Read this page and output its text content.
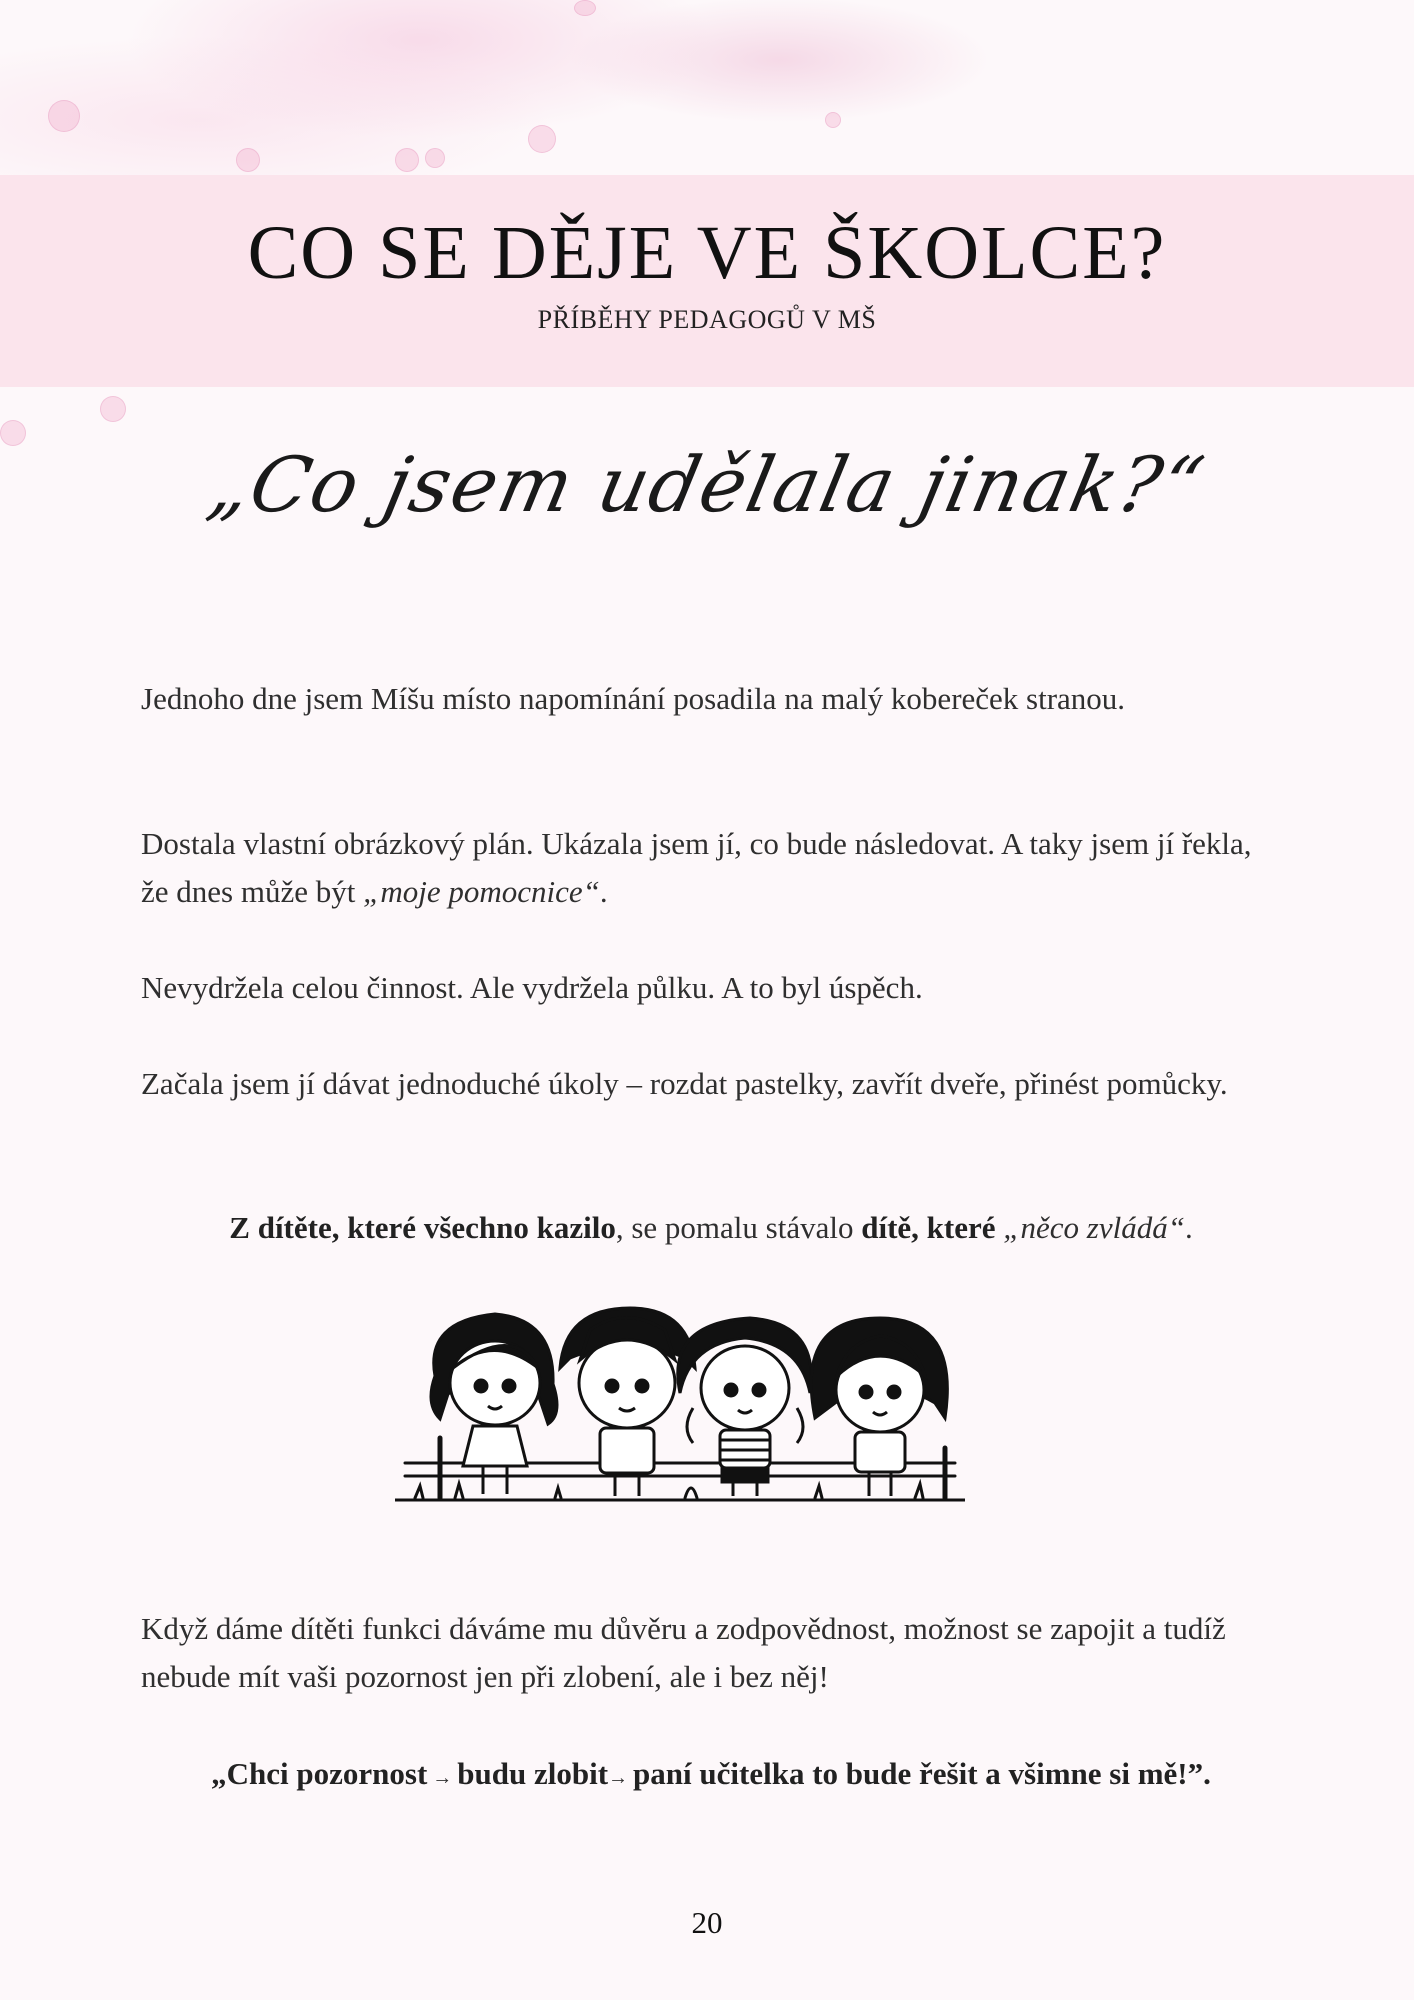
CO SE DĚJE VE ŠKOLCE?
PŘÍBĚHY PEDAGOGŮ V MŠ
„Co jsem udělala jinak?“
Jednoho dne jsem Míšu místo napomínání posadila na malý kobereček stranou.
Dostala vlastní obrázkový plán. Ukázala jsem jí, co bude následovat. A taky jsem jí řekla, že dnes může být „moje pomocnice“.
Nevydržela celou činnost. Ale vydržela půlku. A to byl úspěch.
Začala jsem jí dávat jednoduché úkoly – rozdat pastelky, zavřít dveře, přinést pomůcky.
Z dítěte, které všechno kazilo, se pomalu stávalo dítě, které „něco zvládá“.
Když dáme dítěti funkci dáváme mu důvěru a zodpovědnost, možnost se zapojit a tudíž nebude mít vaši pozornost jen při zlobení, ale i bez něj!
„Chci pozornost → budu zlobit→ paní učitelka to bude řešit a všimne si mě!”.
20
